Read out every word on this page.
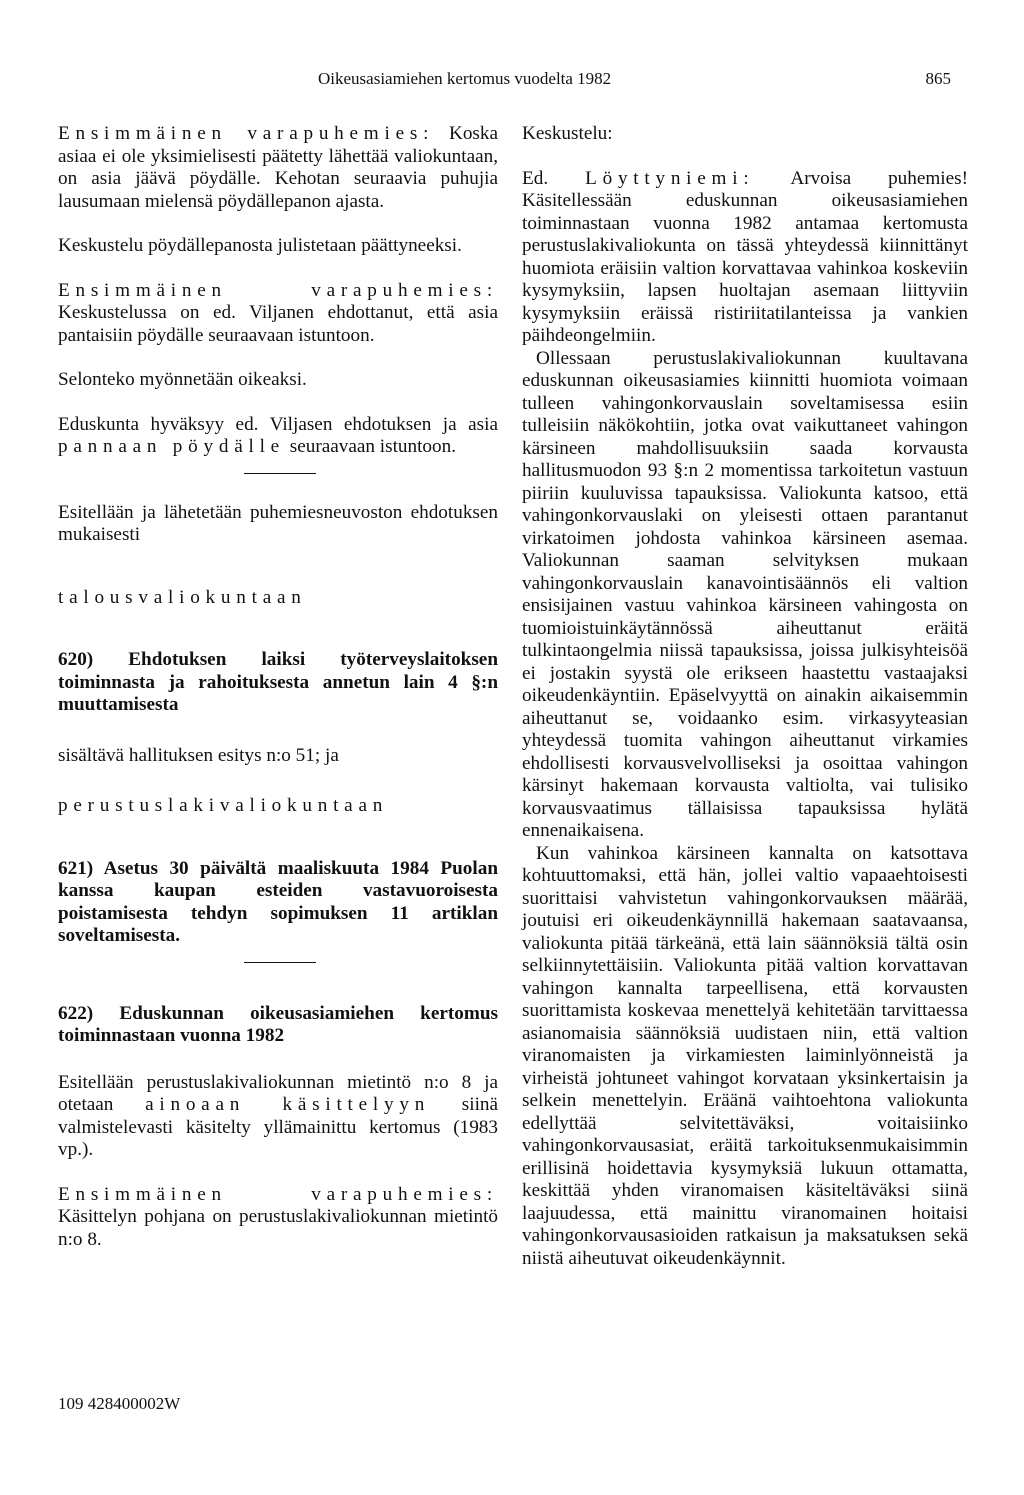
Oikeusasiamiehen kertomus vuodelta 1982	865

Ensimmäinen varapuhemies: Koska asiaa ei ole yksimielisesti päätetty lähettää valiokuntaan, on asia jäävä pöydälle. Kehotan seuraavia puhujia lausumaan mielensä pöydällepanon ajasta.

Keskustelu pöydällepanosta julistetaan päättyneeksi.

Ensimmäinen varapuhemies: Keskustelussa on ed. Viljanen ehdottanut, että asia pantaisiin pöydälle seuraavaan istuntoon.

Selonteko myönnetään oikeaksi.

Eduskunta hyväksyy ed. Viljasen ehdotuksen ja asia pannaan pöydälle seuraavaan istuntoon.

Esitellään ja lähetetään puhemiesneuvoston ehdotuksen mukaisesti

talousvaliokuntaan

620) Ehdotuksen laiksi työterveyslaitoksen toiminnasta ja rahoituksesta annetun lain 4 §:n muuttamisesta

sisältävä hallituksen esitys n:o 51; ja

perustuslakivaliokuntaan

621) Asetus 30 päivältä maaliskuuta 1984 Puolan kanssa kaupan esteiden vastavuoroisesta poistamisesta tehdyn sopimuksen 11 artiklan soveltamisesta.

622) Eduskunnan oikeusasiamiehen kertomus toiminnastaan vuonna 1982

Esitellään perustuslakivaliokunnan mietintö n:o 8 ja otetaan ainoaan käsittelyyn siinä valmistelevasti käsitelty yllämainittu kertomus (1983 vp.).

Ensimmäinen varapuhemies: Käsittelyn pohjana on perustuslakivaliokunnan mietintö n:o 8.

109 428400002W

Keskustelu:

Ed. Löyttyniemi: Arvoisa puhemies! Käsitellessään eduskunnan oikeusasiamiehen toiminnastaan vuonna 1982 antamaa kertomusta perustuslakivaliokunta on tässä yhteydessä kiinnittänyt huomiota eräisiin valtion korvattavaa vahinkoa koskeviin kysymyksiin, lapsen huoltajan asemaan liittyviin kysymyksiin eräissä ristiriitatilanteissa ja vankien päihdeongelmiin.

Ollessaan perustuslakivaliokunnan kuultavana eduskunnan oikeusasiamies kiinnitti huomiota voimaan tulleen vahingonkorvauslain soveltamisessa esiin tulleisiin näkökohtiin, jotka ovat vaikuttaneet vahingon kärsineen mahdollisuuksiin saada korvausta hallitusmuodon 93 §:n 2 momentissa tarkoitetun vastuun piiriin kuuluvissa tapauksissa. Valiokunta katsoo, että vahingonkorvauslaki on yleisesti ottaen parantanut virkatoimen johdosta vahinkoa kärsineen asemaa. Valiokunnan saaman selvityksen mukaan vahingonkorvauslain kanavointisäännös eli valtion ensisijainen vastuu vahinkoa kärsineen vahingosta on tuomioistuinkäytännössä aiheuttanut eräitä tulkintaongelmia niissä tapauksissa, joissa julkisyhteisöä ei jostakin syystä ole erikseen haastettu vastaajaksi oikeudenkäyntiin. Epäselvyyttä on ainakin aikaisemmin aiheuttanut se, voidaanko esim. virkasyyteasian yhteydessä tuomita vahingon aiheuttanut virkamies ehdollisesti korvausvelvolliseksi ja osoittaa vahingon kärsinyt hakemaan korvausta valtiolta, vai tulisiko korvausvaatimus tällaisissa tapauksissa hylätä ennenaikaisena.

Kun vahinkoa kärsineen kannalta on katsottava kohtuuttomaksi, että hän, jollei valtio vapaaehtoisesti suorittaisi vahvistetun vahingonkorvauksen määrää, joutuisi eri oikeudenkäynnillä hakemaan saatavaansa, valiokunta pitää tärkeänä, että lain säännöksiä tältä osin selkiinnytettäisiin. Valiokunta pitää valtion korvattavan vahingon kannalta tarpeellisena, että korvausten suorittamista koskevaa menettelyä kehitetään tarvittaessa asianomaisia säännöksiä uudistaen niin, että valtion viranomaisten ja virkamiesten laiminlyönneistä ja virheistä johtuneet vahingot korvataan yksinkertaisin ja selkein menettelyin. Eräänä vaihtoehtona valiokunta edellyttää selvitettäväksi, voitaisiinko vahingonkorvausasiat, eräitä tarkoituksenmukaisimmin erillisinä hoidettavia kysymyksiä lukuun ottamatta, keskittää yhden viranomaisen käsiteltäväksi siinä laajuudessa, että mainittu viranomainen hoitaisi vahingonkorvausasioiden ratkaisun ja maksatuksen sekä niistä aiheutuvat oikeudenkäynnit.
